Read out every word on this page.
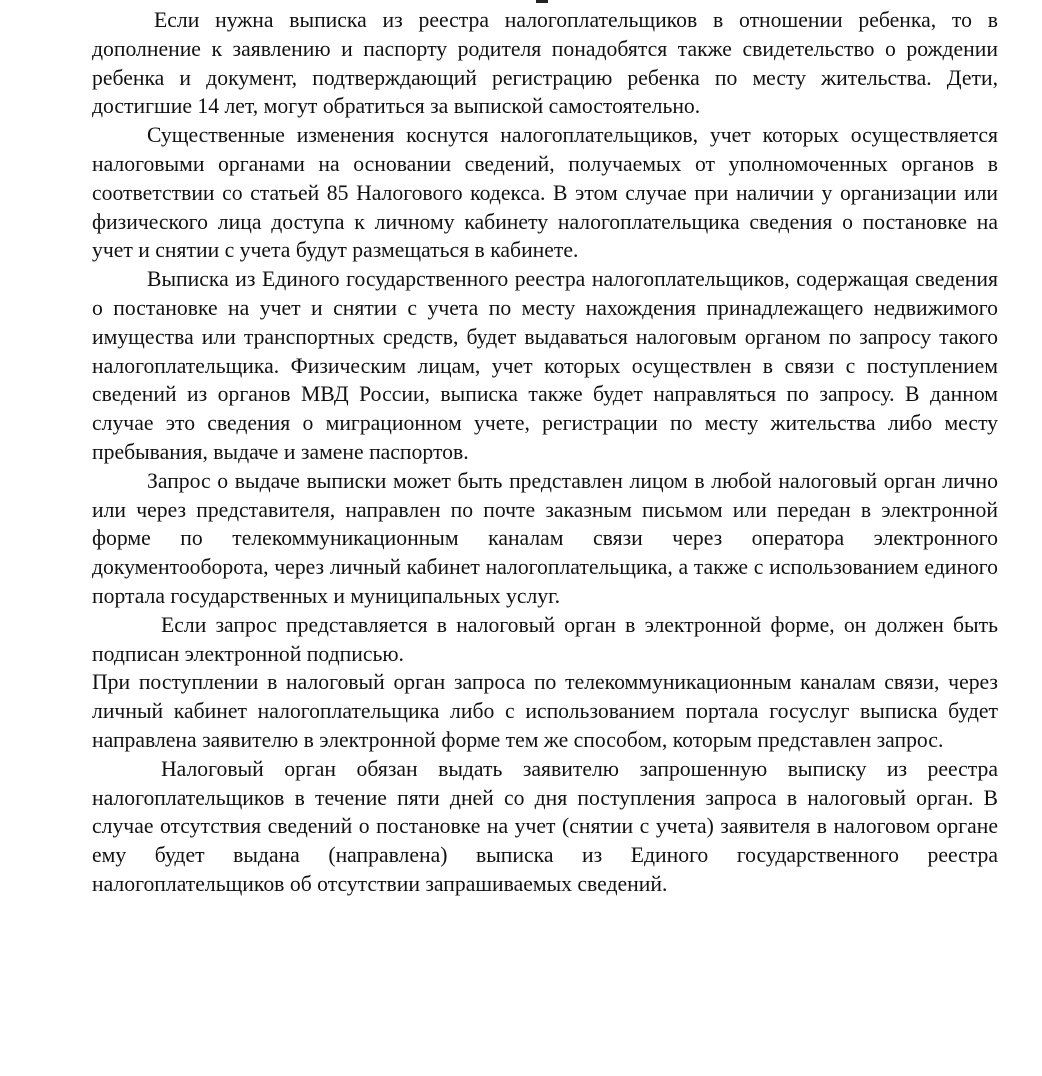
Если нужна выписка из реестра налогоплательщиков в отношении ребенка, то в дополнение к заявлению и паспорту родителя понадобятся также свидетельство о рождении ребенка и документ, подтверждающий регистрацию ребенка по месту жительства. Дети, достигшие 14 лет, могут обратиться за выпиской самостоятельно.

Существенные изменения коснутся налогоплательщиков, учет которых осуществляется налоговыми органами на основании сведений, получаемых от уполномоченных органов в соответствии со статьей 85 Налогового кодекса. В этом случае при наличии у организации или физического лица доступа к личному кабинету налогоплательщика сведения о постановке на учет и снятии с учета будут размещаться в кабинете.

Выписка из Единого государственного реестра налогоплательщиков, содержащая сведения о постановке на учет и снятии с учета по месту нахождения принадлежащего недвижимого имущества или транспортных средств, будет выдаваться налоговым органом по запросу такого налогоплательщика. Физическим лицам, учет которых осуществлен в связи с поступлением сведений из органов МВД России, выписка также будет направляться по запросу. В данном случае это сведения о миграционном учете, регистрации по месту жительства либо месту пребывания, выдаче и замене паспортов.

Запрос о выдаче выписки может быть представлен лицом в любой налоговый орган лично или через представителя, направлен по почте заказным письмом или передан в электронной форме по телекоммуникационным каналам связи через оператора электронного документооборота, через личный кабинет налогоплательщика, а также с использованием единого портала государственных и муниципальных услуг.

Если запрос представляется в налоговый орган в электронной форме, он должен быть подписан электронной подписью.

При поступлении в налоговый орган запроса по телекоммуникационным каналам связи, через личный кабинет налогоплательщика либо с использованием портала госуслуг выписка будет направлена заявителю в электронной форме тем же способом, которым представлен запрос.

Налоговый орган обязан выдать заявителю запрошенную выписку из реестра налогоплательщиков в течение пяти дней со дня поступления запроса в налоговый орган. В случае отсутствия сведений о постановке на учет (снятии с учета) заявителя в налоговом органе ему будет выдана (направлена) выписка из Единого государственного реестра налогоплательщиков об отсутствии запрашиваемых сведений.
